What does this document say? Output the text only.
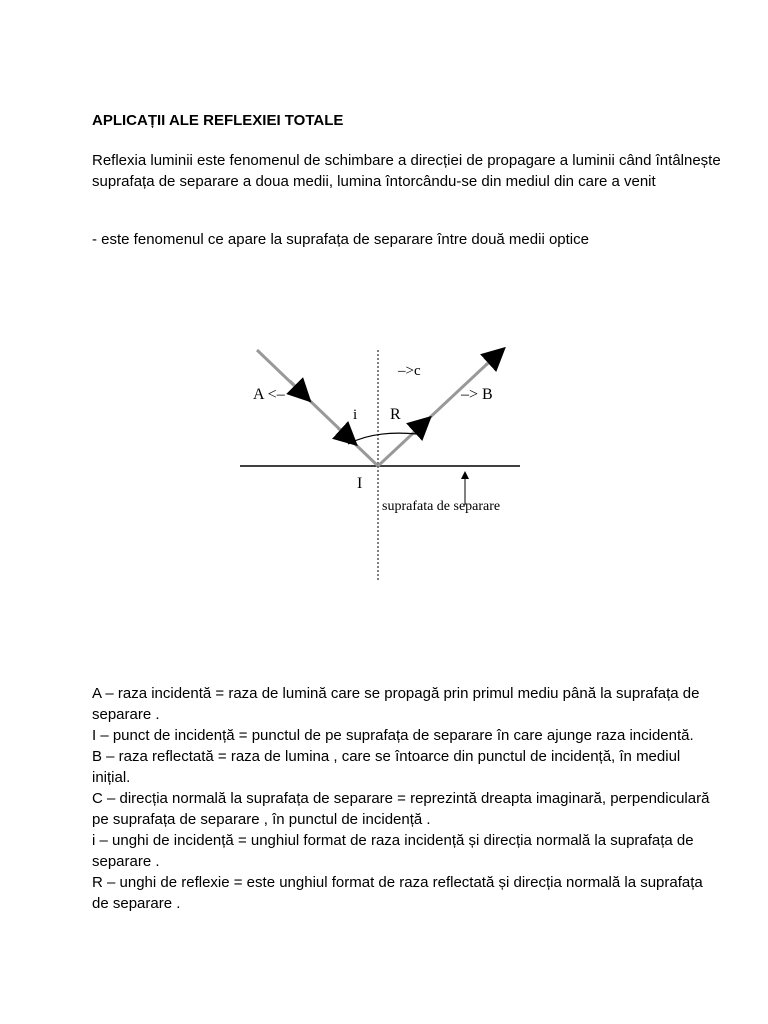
APLICAȚII ALE REFLEXIEI TOTALE
Reflexia luminii este fenomenul de schimbare a direcției de propagare a luminii când întâlnește suprafața de separare a doua medii, lumina întorcându-se din mediul din care a venit
- este fenomenul ce apare la suprafața de separare între două medii optice
A <–
–>c
–> B
i R
I
suprafata de separare

A – raza incidentă = raza de lumină care se propagă prin primul mediu până la suprafața de separare .

I – punct de incidență = punctul de pe suprafața de separare în care ajunge raza incidentă.

B – raza reflectată = raza de lumina , care se întoarce din punctul de incidență, în mediul inițial.

C – direcția normală la suprafața de separare = reprezintă dreapta imaginară, perpendiculară pe suprafața de separare , în punctul de incidență .

i – unghi de incidență = unghiul format de raza incidență și direcția normală la suprafața de separare .

R – unghi de reflexie = este unghiul format de raza reflectată și direcția normală la suprafața de separare .
